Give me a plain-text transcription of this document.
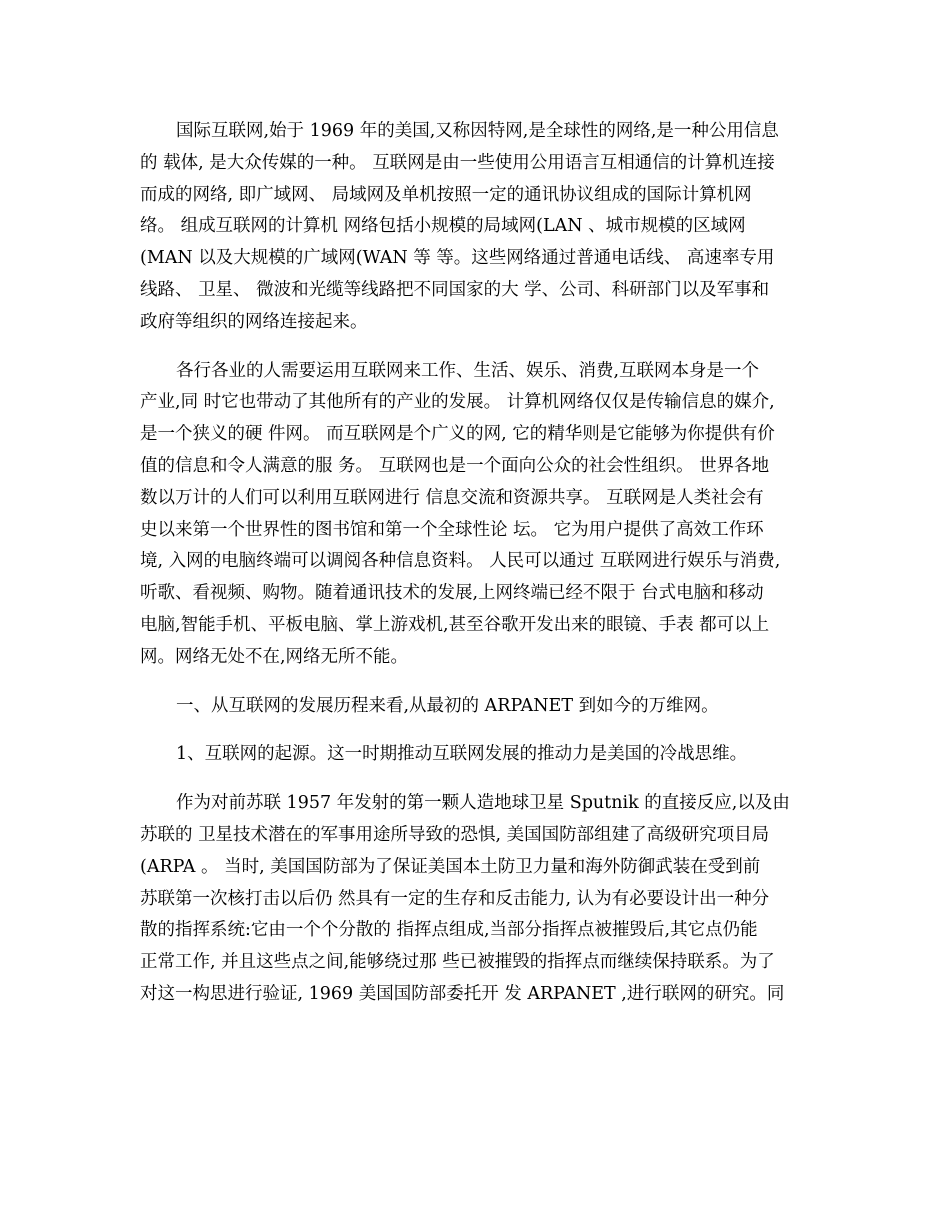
国际互联网,始于 1969 年的美国,又称因特网,是全球性的网络,是一种公用信息
的 载体, 是大众传媒的一种。 互联网是由一些使用公用语言互相通信的计算机连接
而成的网络, 即广域网、 局域网及单机按照一定的通讯协议组成的国际计算机网
络。 组成互联网的计算机 网络包括小规模的局域网(LAN 、城市规模的区域网
(MAN 以及大规模的广域网(WAN 等 等。这些网络通过普通电话线、 高速率专用
线路、 卫星、 微波和光缆等线路把不同国家的大 学、公司、科研部门以及军事和
政府等组织的网络连接起来。

各行各业的人需要运用互联网来工作、生活、娱乐、消费,互联网本身是一个
产业,同 时它也带动了其他所有的产业的发展。 计算机网络仅仅是传输信息的媒介,
是一个狭义的硬 件网。 而互联网是个广义的网, 它的精华则是它能够为你提供有价
值的信息和令人满意的服 务。 互联网也是一个面向公众的社会性组织。 世界各地
数以万计的人们可以利用互联网进行 信息交流和资源共享。 互联网是人类社会有
史以来第一个世界性的图书馆和第一个全球性论 坛。 它为用户提供了高效工作环
境, 入网的电脑终端可以调阅各种信息资料。 人民可以通过 互联网进行娱乐与消费,
听歌、看视频、购物。随着通讯技术的发展,上网终端已经不限于 台式电脑和移动
电脑,智能手机、平板电脑、掌上游戏机,甚至谷歌开发出来的眼镜、手表 都可以上
网。网络无处不在,网络无所不能。

一、从互联网的发展历程来看,从最初的 ARPANET 到如今的万维网。

1、互联网的起源。这一时期推动互联网发展的推动力是美国的冷战思维。

作为对前苏联 1957 年发射的第一颗人造地球卫星 Sputnik 的直接反应,以及由
苏联的 卫星技术潜在的军事用途所导致的恐惧, 美国国防部组建了高级研究项目局
(ARPA 。 当时, 美国国防部为了保证美国本土防卫力量和海外防御武装在受到前
苏联第一次核打击以后仍 然具有一定的生存和反击能力, 认为有必要设计出一种分
散的指挥系统:它由一个个分散的 指挥点组成,当部分指挥点被摧毁后,其它点仍能
正常工作, 并且这些点之间,能够绕过那 些已被摧毁的指挥点而继续保持联系。为了
对这一构思进行验证, 1969 美国国防部委托开 发 ARPANET ,进行联网的研究。同
